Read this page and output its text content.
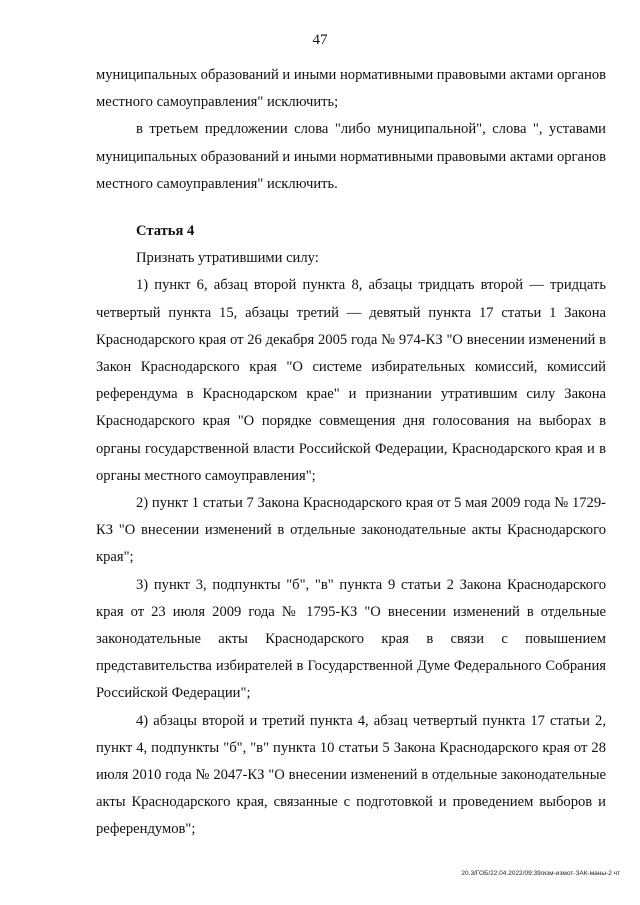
47

муниципальных образований и иными нормативными правовыми актами органов местного самоуправления" исключить;

в третьем предложении слова "либо муниципальной", слова ", уставами муниципальных образований и иными нормативными правовыми актами органов местного самоуправления" исключить.

Статья 4

Признать утратившими силу:

1) пункт 6, абзац второй пункта 8, абзацы тридцать второй — тридцать четвертый пункта 15, абзацы третий — девятый пункта 17 статьи 1 Закона Краснодарского края от 26 декабря 2005 года № 974-КЗ "О внесении изменений в Закон Краснодарского края "О системе избирательных комиссий, комиссий референдума в Краснодарском крае" и признании утратившим силу Закона Краснодарского края "О порядке совмещения дня голосования на выборах в органы государственной власти Российской Федерации, Краснодарского края и в органы местного самоуправления";

2) пункт 1 статьи 7 Закона Краснодарского края от 5 мая 2009 года № 1729-КЗ "О внесении изменений в отдельные законодательные акты Краснодарского края";

3) пункт 3, подпункты "б", "в" пункта 9 статьи 2 Закона Краснодарского края от 23 июля 2009 года № 1795-КЗ "О внесении изменений в отдельные законодательные акты Краснодарского края в связи с повышением представительства избирателей в Государственной Думе Федерального Собрания Российской Федерации";

4) абзацы второй и третий пункта 4, абзац четвертый пункта 17 статьи 2, пункт 4, подпункты "б", "в" пункта 10 статьи 5 Закона Краснодарского края от 28 июля 2010 года № 2047-КЗ "О внесении изменений в отдельные законодательные акты Краснодарского края, связанные с подготовкой и проведением выборов и референдумов";

20.3/ГОБ/22.04.2022/09:39/изм-измот-ЗАК-маны-2 чт
